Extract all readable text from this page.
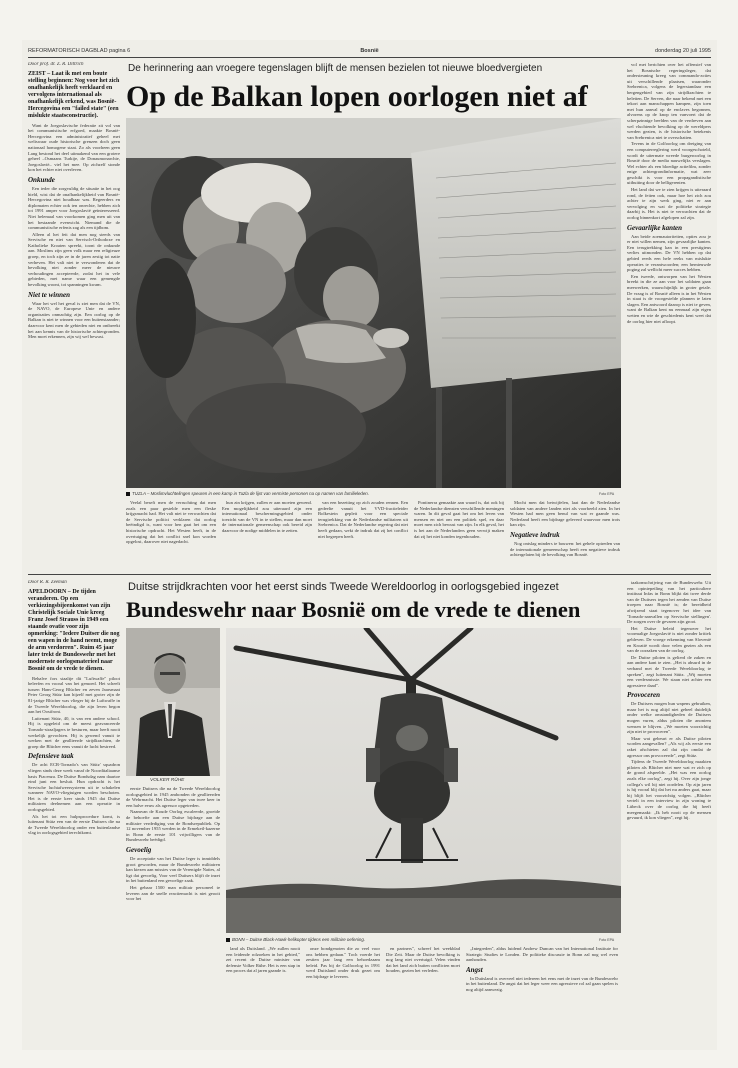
REFORMATORISCH DAGBLAD pagina 6	Bosnië	donderdag 20 juli 1995
Door prof. dr. Z. R. Dittrich
ZEIST – Laat ik met een boute stelling beginnen: Nog voor het zich onafhankelijk heeft verklaard en vervolgens internationaal als onafhankelijk erkend, was Bosnië-Hercegovina een "failed state" (een mislukte staatsconstructie).

Want de Joegoslavische federatie zit vol van het communistische erfgoed, maakte Bosnië-Hercegovina een administratief geheel met weliswaar oude historische grenzen doch geen nationaal homogene staat. Zo als voorheen geen Lang bestond het deel uitmakend van een grotere geheel –Osmaans Turkije, de Donaumonarchie, Joegoslavië– viel het mee. Op zichzelf stonde kon het echter niet overleven.

Onkunde

Een ieder die zorgvuldig de situatie in het oog hield, wist dat de onafhankelijkheid van Bosnië-Hercegovina niet houdbaar was. Regeerders en diplomaten echter ook ten onrechte, hebben zich tot 1991 amper voor Joegoslavië geïnteresseerd. Niet helemaal van voorkomen ging men uit van het bestaande evenwicht. Niemand die de communistische erfenis zag als een tijdbom.

Alleen al het feit dat men nog steeds van Servische en niet van Servisch-Orthodoxe en Katholieke Kroaten spreekt, toont de onkunde aan. Moslims zijn geen volk maar een religieuze groep, en toch zijn ze in de jaren zestig tot natie verheven. Het valt niet te verwonderen dat de bevolking niet zonder meer de nieuwe verhoudingen accepteerde, zodat het in vele gebieden, met name waar een gemengde bevolking woont, tot spanningen kwam.

Niet te winnen

Waar het wel het geval is ziet men dat de VN, de NAVO, de Europese Unie en andere organisaties onmachtig zijn. Een oorlog op de Balkan is niet te winnen voor een buitenstaander; daarvoor kent men de gebieden niet en ontbreekt het aan kennis van de historische achtergronden. Men moet erkennen, zijn wij wel bewust.

De herinnering aan vroegere tegenslagen blijft de mensen bezielen tot nieuwe bloedvergieten
Op de Balkan lopen oorlogen niet af
TUZLA – Moslimvluchtelingen speuren in een kamp in Tuzla de lijst van vermiste personen na op namen van familieleden.	Foto EPA

Veelal beseft men de verruchting dat men zoals een paar gestelde men een fleske krijgsmacht had. Het valt niet te verwachten dat de Servische politici verklaren dat oorlog beëindigd is, want voor hen gaat het om een historische opdracht. Het Westen heeft, in de overtuiging dat het conflict snel kon worden opgelost, daarover niet nagedacht.

hun zin krijgen, zullen er aan moeten gewend. Een mogelijkheid zou uiteraard zijn een internationaal beschermingsgebied onder toezicht van de VN in te stellen, maar dan moet de internationale gemeenschap ook bereid zijn daarvoor de nodige middelen in te zetten.

van een bezetting op zich zouden rennen. Een gedeelte vanuit het VVD-fractieleider Bolkestein gepleit voor een speciale terugtrekking van de Nederlandse militairen uit Srebrenica. Dat de Nederlandse regering dat niet heeft gedaan, wekt de indruk dat zij het conflict niet begrepen heeft.

Pontinerra gemaakte aan waard is, dat ook bij de Nederlandse diensten verschillende meningen waren. In dit geval gaat het om het leven van mensen en niet om een politiek spel, en daar moet men zich bewust van zijn. In elk geval, het is het aan de Nederlanders geen verwijt maken dat zij het niet konden tegenhouden.

Mocht men dat betwijfelen, laat dan de Nederlandse soldaten van andere landen niet als voorbeeld zien. In het Westen had men geen benul van wat er gaande was. Nederland heeft een bijdrage geleverd waarvoor men trots kan zijn.

Negatieve indruk

Nog ontslag minders te bouwen: het gehele optreden van de internationale gemeenschap heeft een negatieve indruk achtergelaten bij de bevolking van Bosnië.

vol met berichten over het offensief van het Bosnische regeringsleger, dat ondersteuning kreeg van commando-acties uit verschillende plaatsen, waaronder Srebrenica, volgens de legerstandaar een bergengebied van zijn strijdkrachten te beletten. De Serven, die naar bekend met een tekort aan manschappen kampen, zijn toen met hun aanval op de enclaves begonnen, alvorens op de knop ten vanvoert dat de scherpzinnige beelden van de verdreven aan wel vluchtende bevolking op de wereldpers werden gezien, is de historische betekenis van Srebrenica niet te overschatten.

Tevens in de Golfoorlog om dreiging van een computerreglering werd voorgeschoteld, wordt de uitermate wreede burgeroorlog in Bosnië door de media nauwelijks verslagen. Wel echter als een bloedige actiefilm, zonder enige achtergrondinformatie, wat zeer geschikt is voor een propagandistische uitbuiting door de belligerenten.

Het land dat we te zien krijgen is uiteraard rond, de feiten ook, maar hoe het zich zou achter te zijn werk ging, niet er aan vervolging en wat de politieke strategie daarbij is. Het is niet te verwachten dat de oorlog binnenkort afgelopen zal zijn.

Gevaarlijke kanten

Aan beide zoemautoriteiten, opties zou je er niet willen nemen, zijn gevaarlijke kanten. Een terugtrekking kan in een prestigieus verlies uitmonden. De VN hebben op dat gebied reeds een hele reeks van mislukte operaties te verantwoorden; een hernieuwde poging zal wellicht meer succes hebben.

Een tweede, ontworpen van het Westen breekt in die ze aan voor het soldaten gaan meewerken, waarschijnlijk in groter getale. De vraag is of Bosnië alleen is in het Westen in staat is de voorgestelde plannen te laten slagen. Een antwoord daarop is niet te geven, want de Balkan kent nu eenmaal zijn eigen wetten en wie de geschiedenis kent weet dat de oorlog hier niet afloopt.

Door R. R. Zeeman
APELDOORN – De tijden veranderen. Op een verkiezingsbijeenkomst van zijn Christelijk Sociale Unie kreeg Franz Josef Strauss in 1949 een staande ovatie voor zijn opmerking: "Iedere Duitser die nog een wapen in de hand neemt, moge de arm verdorren". Ruim 45 jaar later trekt de Bundeswehr met het modernste oorlogsmaterieel naar Bosnië om de vrede te dienen.

Behalve fors staaltje dit "Luftwaffe" piloot beleefen en vooral van het gemoed. Het scheelt tussen Hans-Georg Blücher en zeven Jaarsmaat Peter Georg Stütz kan hijzelf met groter zijn de 81-jarige Blücher was vlieger bij de Luftwaffe in de Tweede Wereldoorlog, die zijn leven begon aan het Oostfront.

Luitenant Stütz, 40, is van een andere school. Hij is opgeleid om de meest geavanceerde Tornado-straaljagers te besturen, maar heeft nooit werkelijk gevochten. Hij is gewend vanuit te werken met de geallieerde strijdkrachten, de groep die Blücher eens vanuit de lucht bestreed.

Defensieve taak

De acht ECR-Tornado's van Stütz' squadron vliegen sinds deze week vanaf de Noorditaliaanse basis Piacenza. De Duitse Bondsdag nam daartoe eind juni een besluit. Hun opdracht is het Servische luchtafweersysteem uit te schakelen wanneer NAVO-vliegtuigen worden beschoten. Het is de eerste keer sinds 1945 dat Duitse militairen deelnemen aan een operatie in oorlogsgebied.

Als het tot een hulpsprocedure komt, is luitenant Stütz een van de eerste Duitsers die na de Tweede Wereldoorlog onder een buitenlandse vlag in oorlogsgebied terechtkomt.

Duitse strijdkrachten voor het eerst sinds Tweede Wereldoorlog in oorlogsgebied ingezet
Bundeswehr naar Bosnië om de vrede te dienen
VOLKER RÜHE

eerste Duitsers die na de Tweede Wereldoorlog oorlogsgebied in 1945 ambonden de geallieerden de Wehrmacht. Het Duitse leger van twee keer in een halve eeuw als agressor opgetreden.

Naamvan de Koude Oorlog escaleerde, groeide de behoefte aan een Duitse bijdrage aan de militaire verdediging van de Bondsrepubliek. Op 12 november 1955 werden in de Ermekeil-kazerne in Bonn de eerste 101 vrijwilligers van de Bundeswehr beëdigd.

Gevoelig

De acceptatie van het Duitse leger is inmiddels groot geworden, maar de Bundeswehr militairen kan kiezen aan missies van de Verenigde Naties, al ligt dat gevoelig. Voor veel Duitsers blijft de inzet in het buitenland een gevoelige zaak.

Het gebaar 1500 man militair personeel te leveren aan de snelle reactiemacht is niet geooit voor het

BONN – Duitse Black-Hawk-helikopter tijdens een militaire oefening.	Foto EPA

land als Duitsland. „We zullen nooit een leidende rolzoeken in het gebied," zei recent de Duitse minister van defensie Volker Rühe. Het is een stap in een proces dat al jaren gaande is.

onze bondgenoten die zo veel voor ons hebben gedaan." Toch voerde het zestien jaar lang een behoedzaam beleid. Pas bij de Golfoorlog in 1991 werd Duitsland onder druk gezet om een bijdrage te leveren.

en partners", schreef het weekblad Die Zeit. Maar de Duitse bevolking is nog lang niet overtuigd. Velen vinden dat het land zich buiten conflicten moet houden, gezien het verleden.

„Integreden", aldus luidend Andrew Duncan van het International Institute for Strategic Studies te Londen. De politieke discussie in Bonn zal nog wel even aanhouden.

Angst

In Duitsland is overveel niet iedereen het eens met de inzet van de Bundeswehr in het buitenland. De angst dat het leger weer een agressieve rol zal gaan spelen is nog altijd aanwezig.

taakomschrijving van de Bundeswehr. Uit een opiniepeiling van het particuliere instituut Infas in Bonn blijkt dat twee derde van de Duitsers tegen het zenden van Duitse troepen naar Bosnië is; de bereidheid afwijzend staat tegenover het idee van 'Tornado-aanvallen op Servische stellingen'. De zorgen over de gevaren zijn groot.

Het Duitse beleid tegenover het voormalige Joegoslavië is niet zonder kritiek gebleven. De vroege erkenning van Slovenië en Kroatië wordt door velen gezien als een van de oorzaken van de oorlog.

De Duitse piloten is gelierd de zaken en aan andere kant te zien. „Het is absurd in de verband met de Tweede Wereldoorlog te spreken", zegt luitenant Stütz. „Wij moeten een vredesmissie. We staan niet achter een agressieve daad".

Provoceren

De Duitsers mogen hun wapens gebruiken, maar het is nog altijd niet geheel duidelijk onder welke omstandigheden de Duitsers mogen vuren, aldus piloten die anoniem wensen te blijven. „We moeten voorzichtig zijn niet te provoceren".

Maar wat gebeurt er als Duitse piloten worden aangevallen? „Als wij als eerste een raket afschieten zal dat zijn omdat de agressor ons provoceerde", zegt Stütz.

Tijdens de Tweede Wereldoorlog maakten piloten als Blücher niet mee wat er zich op de grond afspeelde. „Het was een oorlog zoals elke oorlog", zegt hij. Over zijn jonge collega's wil hij niet oordelen. Op zijn jaren is hij vooral blij dat het nu anders gaat, maar hij blijft het voorzichtig volgen. „Blücher vertelt in een interview in zijn woning te Lübeck over de oorlog die hij heeft meegemaakt: „Ik heb nooit op de mensen gevuurd, ik kon vliegen", zegt hij.
